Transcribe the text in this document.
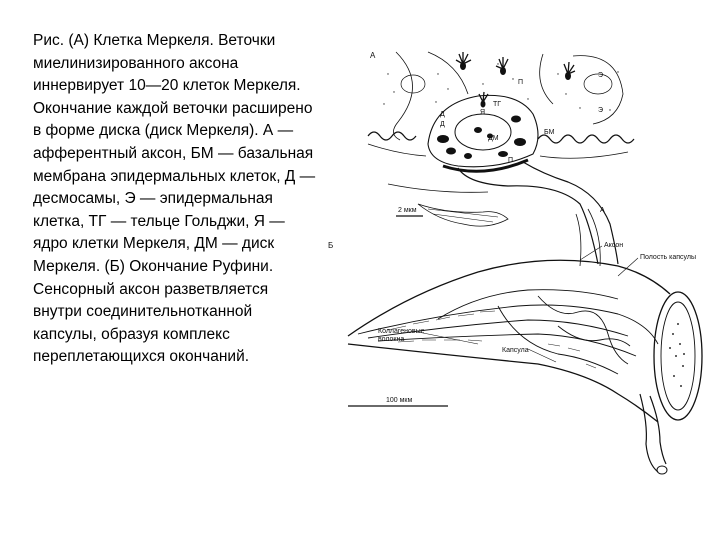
Рис. (А) Клетка Меркеля. Веточки миелинизированного аксона иннервирует 10—20 клеток Меркеля. Окончание каждой веточки расширено в форме диска (диск Меркеля). А — афферентный аксон, БМ — базальная мембрана эпидермальных клеток, Д — десмосамы, Э — эпидермальная клетка, ТГ — тельце Гольджи, Я — ядро клетки Меркеля, ДМ — диск Меркеля. (Б) Окончание Руфини. Сенсорный аксон разветвляется внутри соединительнотканной капсулы, образуя комплекс переплетающихся окончаний.

А
Э
Э
Д
Д
ТГ
Я
БМ
ДМ
П
П
А
2 мкм
Б	Аксон
Полость капсулы
Коллагеновые волокна
Капсула
100 мкм
